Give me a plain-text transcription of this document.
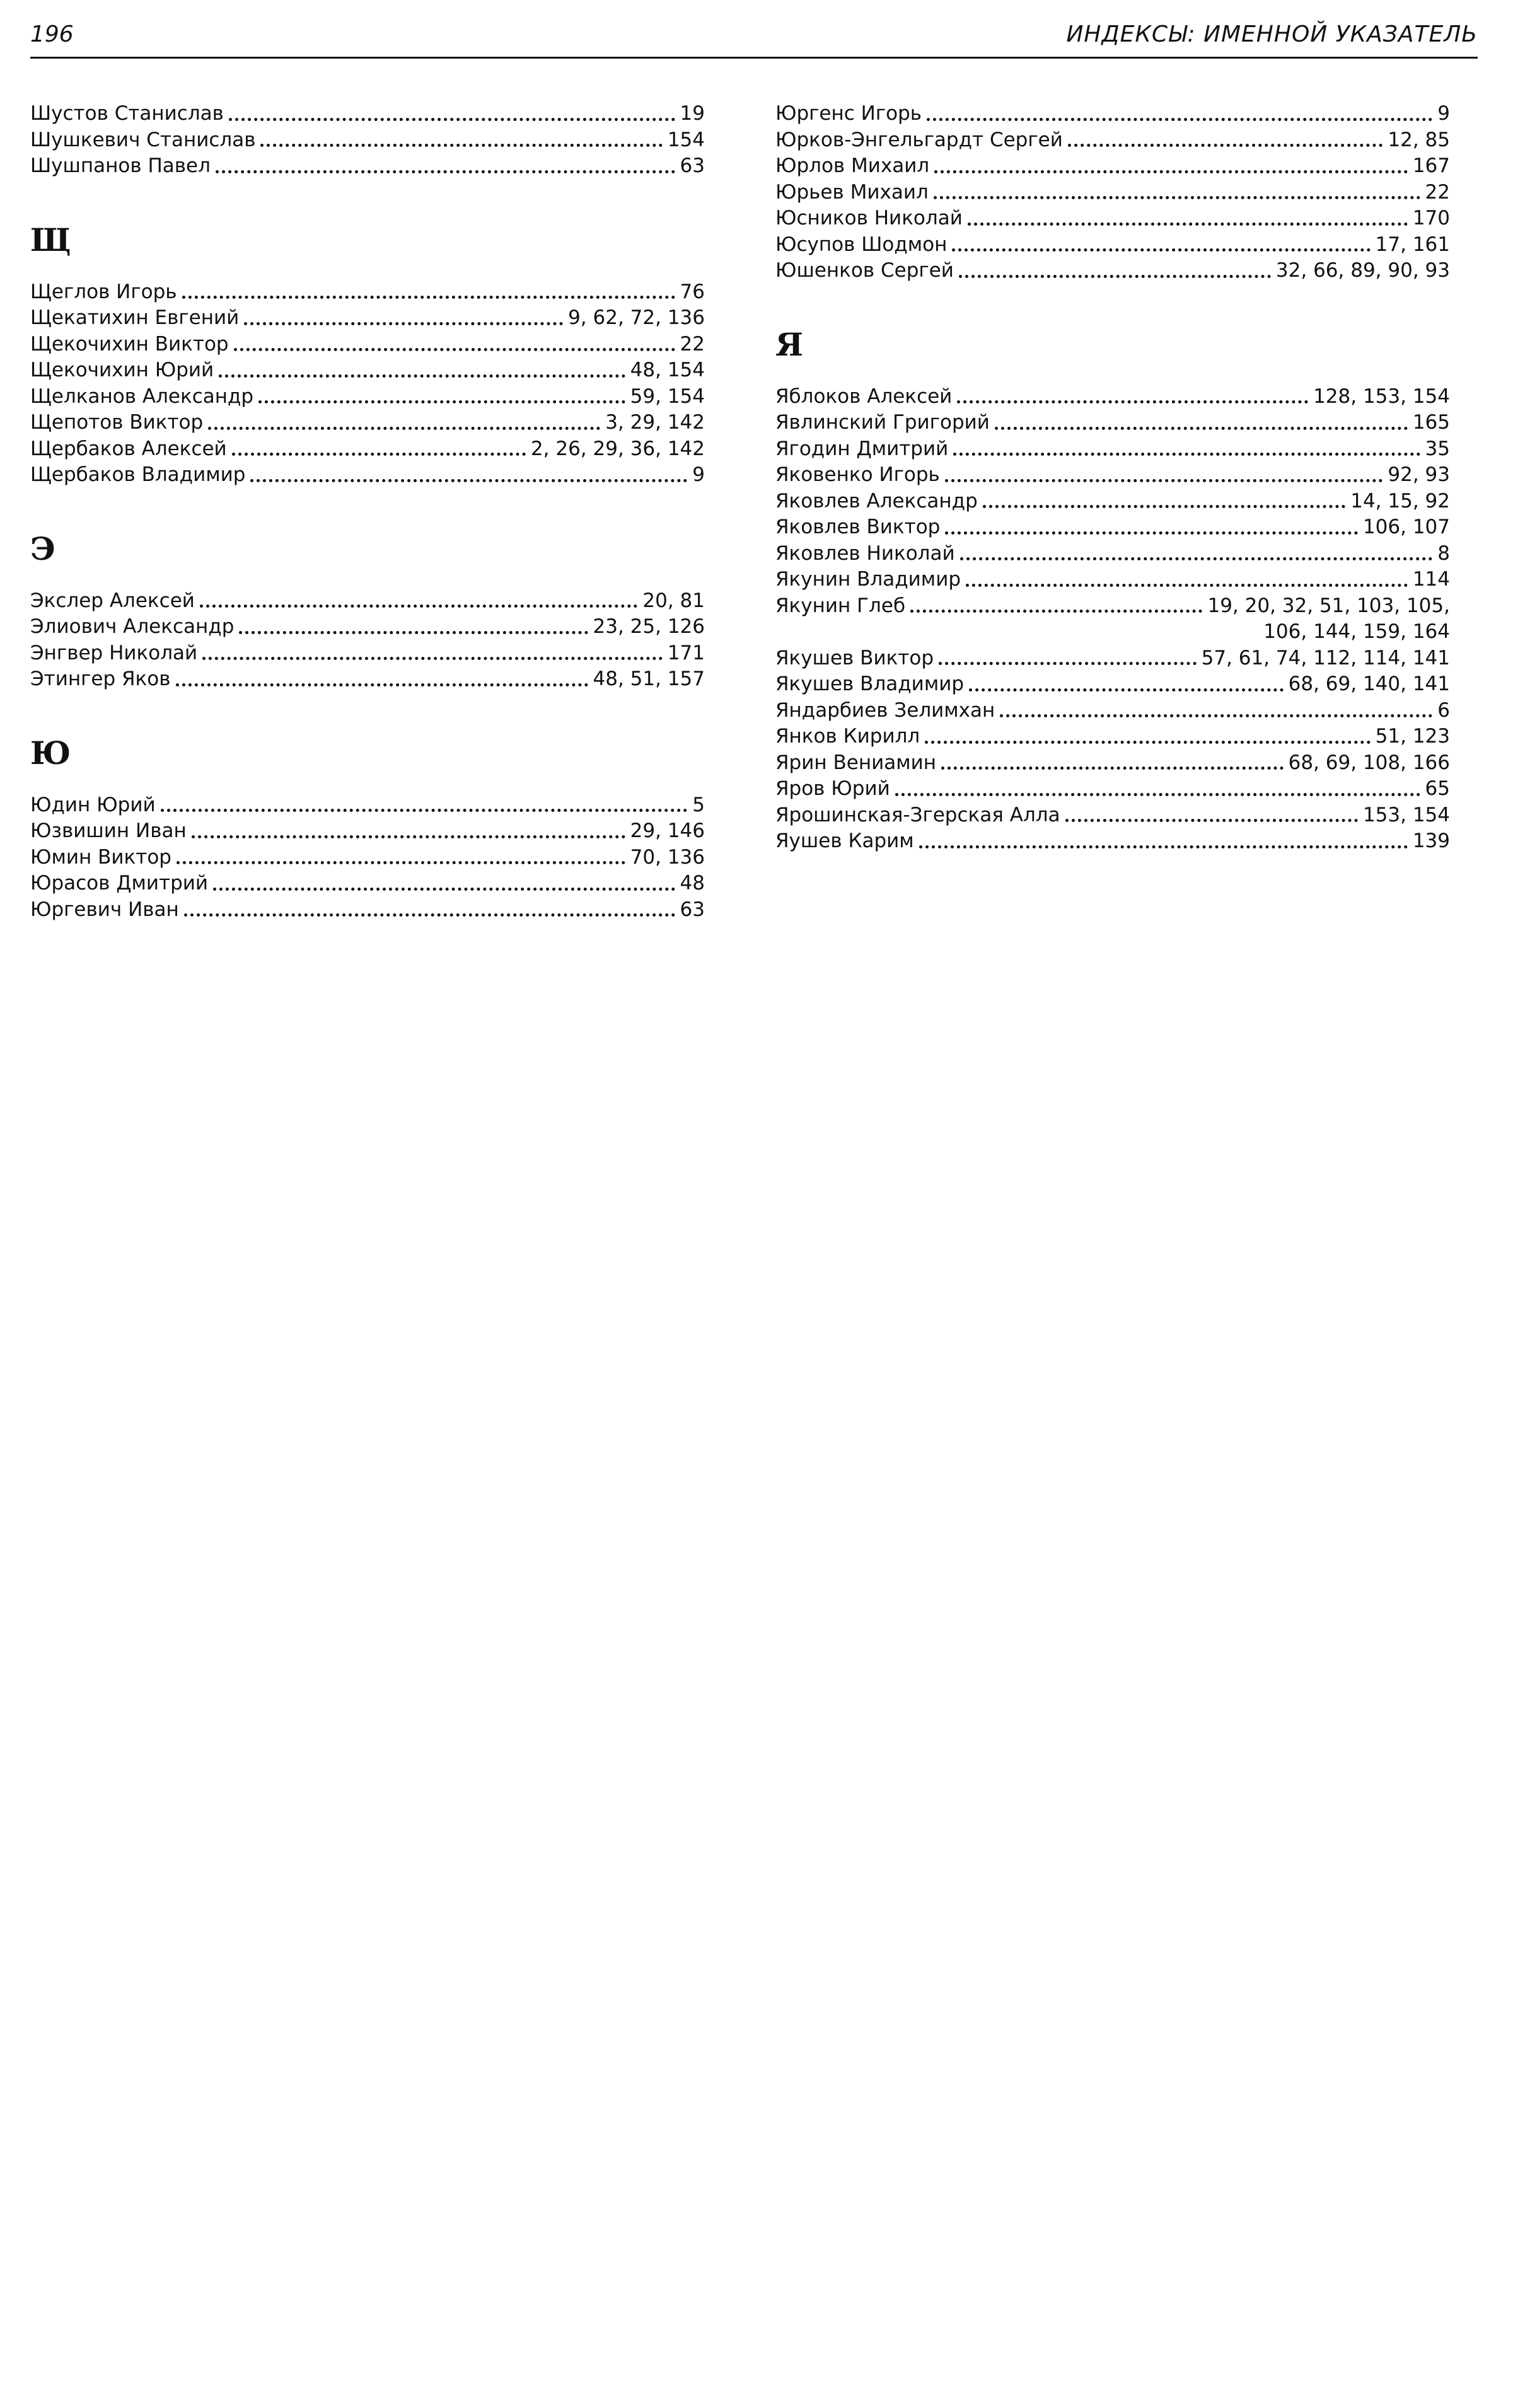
196	ИНДЕКСЫ: ИМЕННОЙ УКАЗАТЕЛЬ
Шустов Станислав	19
Шушкевич Станислав	154
Шушпанов Павел	63
Щ
Щеглов Игорь	76
Щекатихин Евгений	9, 62, 72, 136
Щекочихин Виктор	22
Щекочихин Юрий	48, 154
Щелканов Александр	59, 154
Щепотов Виктор	3, 29, 142
Щербаков Алексей	2, 26, 29, 36, 142
Щербаков Владимир	9
Э
Экслер Алексей	20, 81
Элиович Александр	23, 25, 126
Энгвер Николай	171
Этингер Яков	48, 51, 157
Ю
Юдин Юрий	5
Юзвишин Иван	29, 146
Юмин Виктор	70, 136
Юрасов Дмитрий	48
Юргевич Иван	63
Юргенс Игорь	9
Юрков-Энгельгардт Сергей	12, 85
Юрлов Михаил	167
Юрьев Михаил	22
Юсников Николай	170
Юсупов Шодмон	17, 161
Юшенков Сергей	32, 66, 89, 90, 93
Я
Яблоков Алексей	128, 153, 154
Явлинский Григорий	165
Ягодин Дмитрий	35
Яковенко Игорь	92, 93
Яковлев Александр	14, 15, 92
Яковлев Виктор	106, 107
Яковлев Николай	8
Якунин Владимир	114
Якунин Глеб	19, 20, 32, 51, 103, 105,
106, 144, 159, 164
Якушев Виктор	57, 61, 74, 112, 114, 141
Якушев Владимир	68, 69, 140, 141
Яндарбиев Зелимхан	6
Янков Кирилл	51, 123
Ярин Вениамин	68, 69, 108, 166
Яров Юрий	65
Ярошинская-Згерская Алла	153, 154
Яушев Карим	139
